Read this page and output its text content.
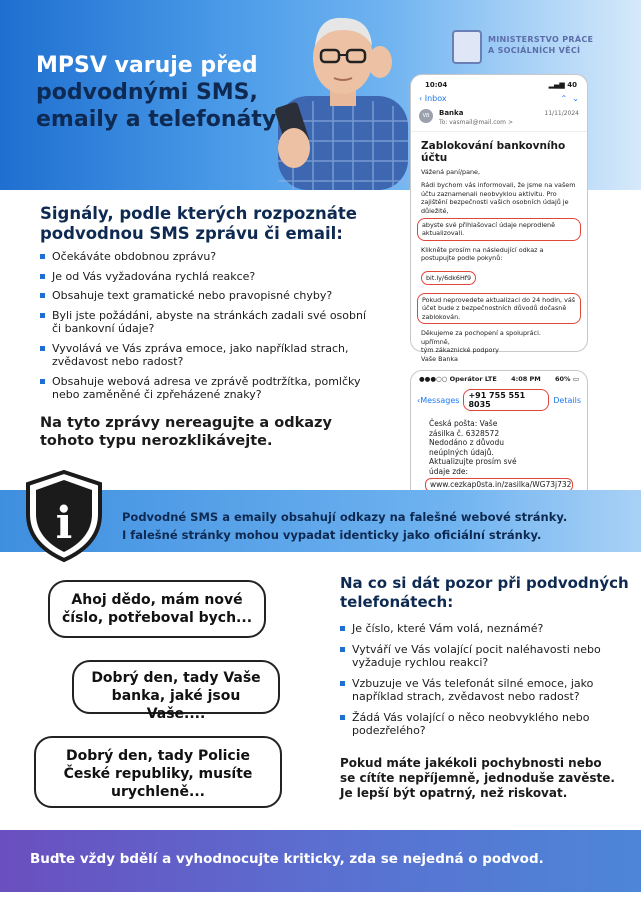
MPSV varuje před
podvodnými SMS,
emaily a telefonáty
MINISTERSTVO PRÁCE
A SOCIÁLNÍCH VĚCÍ
10:04	▂▄▆ 40
‹ Inbox	⌃ ⌄
VB	Banka
To: vasmail@mail.com >
11/11/2024
Zablokování bankovního účtu

Vážená paní/pane,

Rádi bychom vás informovali, že jsme na vašem účtu zaznamenali neobvyklou aktivitu. Pro zajištění bezpečnosti vašich osobních údajů je důležité,
abyste své přihlašovací údaje neprodleně aktualizovali.

Klikněte prosím na následující odkaz a postupujte podle pokynů:

bit.ly/6dk6Hf9
Pokud neprovedete aktualizaci do 24 hodin, váš účet bude z bezpečnostních důvodů dočasně zablokován.
Děkujeme za pochopení a spolupráci.
upřímně,
tým zákaznické podpory
Vaše Banka
Signály, podle kterých rozpoznáte podvodnou SMS zprávu či email:
Očekáváte obdobnou zprávu?
Je od Vás vyžadována rychlá reakce?
Obsahuje text gramatické nebo pravopisné chyby?
Byli jste požádáni, abyste na stránkách zadali své osobní či bankovní údaje?
Vyvolává ve Vás zpráva emoce, jako například strach, zvědavost nebo radost?
Obsahuje webová adresa ve zprávě podtržítka, pomlčky nebo zaměněné či zpřeházené znaky?
Na tyto zprávy nereagujte a odkazy tohoto typu nerozklikávejte.
●●●○○ Operátor LTE 4:08 PM 60% ▭
‹Messages	+91 755 551 8035	Details
Česká pošta: Vaše
zásilka č. 6328572
Nedodáno z důvodu
neúplných údajů.
Aktualizujte prosím své
údaje zde:
www.cezkap0sta.in/zasilka/WG73j732
i	Podvodné SMS a emaily obsahují odkazy na falešné webové stránky.
I falešné stránky mohou vypadat identicky jako oficiální stránky.
Ahoj dědo, mám nové číslo, potřeboval bych...
Dobrý den, tady Vaše banka, jaké jsou Vaše....
Dobrý den, tady Policie České republiky, musíte urychleně...
Na co si dát pozor při podvodných telefonátech:
Je číslo, které Vám volá, neznámé?
Vytváří ve Vás volající pocit naléhavosti nebo vyžaduje rychlou reakci?
Vzbuzuje ve Vás telefonát silné emoce, jako například strach, zvědavost nebo radost?
Žádá Vás volající o něco neobvyklého nebo podezřelého?
Pokud máte jakékoli pochybnosti nebo se cítíte nepříjemně, jednoduše zavěste.
Je lepší být opatrný, než riskovat.
Buďte vždy bdělí a vyhodnocujte kriticky, zda se nejedná o podvod.
